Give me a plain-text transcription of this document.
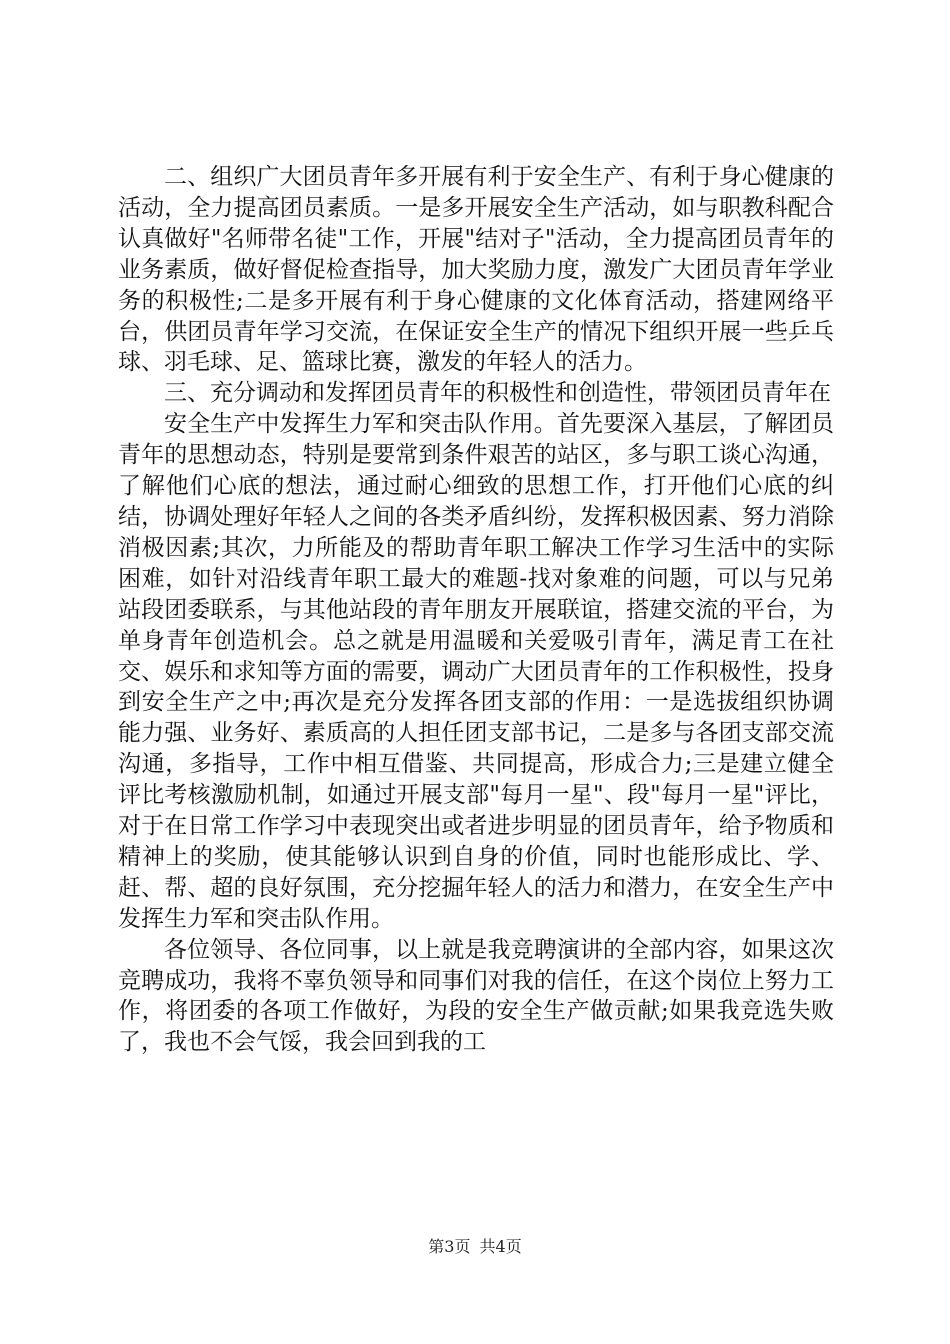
二、组织广大团员青年多开展有利于安全生产、有利于身心健康的活动，全力提高团员素质。一是多开展安全生产活动，如与职教科配合认真做好"名师带名徒"工作，开展"结对子"活动，全力提高团员青年的业务素质，做好督促检查指导，加大奖励力度，激发广大团员青年学业务的积极性;二是多开展有利于身心健康的文化体育活动，搭建网络平台，供团员青年学习交流，在保证安全生产的情况下组织开展一些乒乓球、羽毛球、足、篮球比赛，激发的年轻人的活力。

三、充分调动和发挥团员青年的积极性和创造性，带领团员青年在

安全生产中发挥生力军和突击队作用。首先要深入基层，了解团员青年的思想动态，特别是要常到条件艰苦的站区，多与职工谈心沟通，了解他们心底的想法，通过耐心细致的思想工作，打开他们心底的纠结，协调处理好年轻人之间的各类矛盾纠纷，发挥积极因素、努力消除消极因素;其次，力所能及的帮助青年职工解决工作学习生活中的实际困难，如针对沿线青年职工最大的难题-找对象难的问题，可以与兄弟站段团委联系，与其他站段的青年朋友开展联谊，搭建交流的平台，为单身青年创造机会。总之就是用温暖和关爱吸引青年，满足青工在社交、娱乐和求知等方面的需要，调动广大团员青年的工作积极性，投身到安全生产之中;再次是充分发挥各团支部的作用：一是选拔组织协调能力强、业务好、素质高的人担任团支部书记，二是多与各团支部交流沟通，多指导，工作中相互借鉴、共同提高，形成合力;三是建立健全评比考核激励机制，如通过开展支部"每月一星"、段"每月一星"评比，对于在日常工作学习中表现突出或者进步明显的团员青年，给予物质和精神上的奖励，使其能够认识到自身的价值，同时也能形成比、学、赶、帮、超的良好氛围，充分挖掘年轻人的活力和潜力，在安全生产中发挥生力军和突击队作用。

各位领导、各位同事，以上就是我竞聘演讲的全部内容，如果这次竞聘成功，我将不辜负领导和同事们对我的信任，在这个岗位上努力工作，将团委的各项工作做好，为段的安全生产做贡献;如果我竞选失败了，我也不会气馁，我会回到我的工

第3页 共4页
